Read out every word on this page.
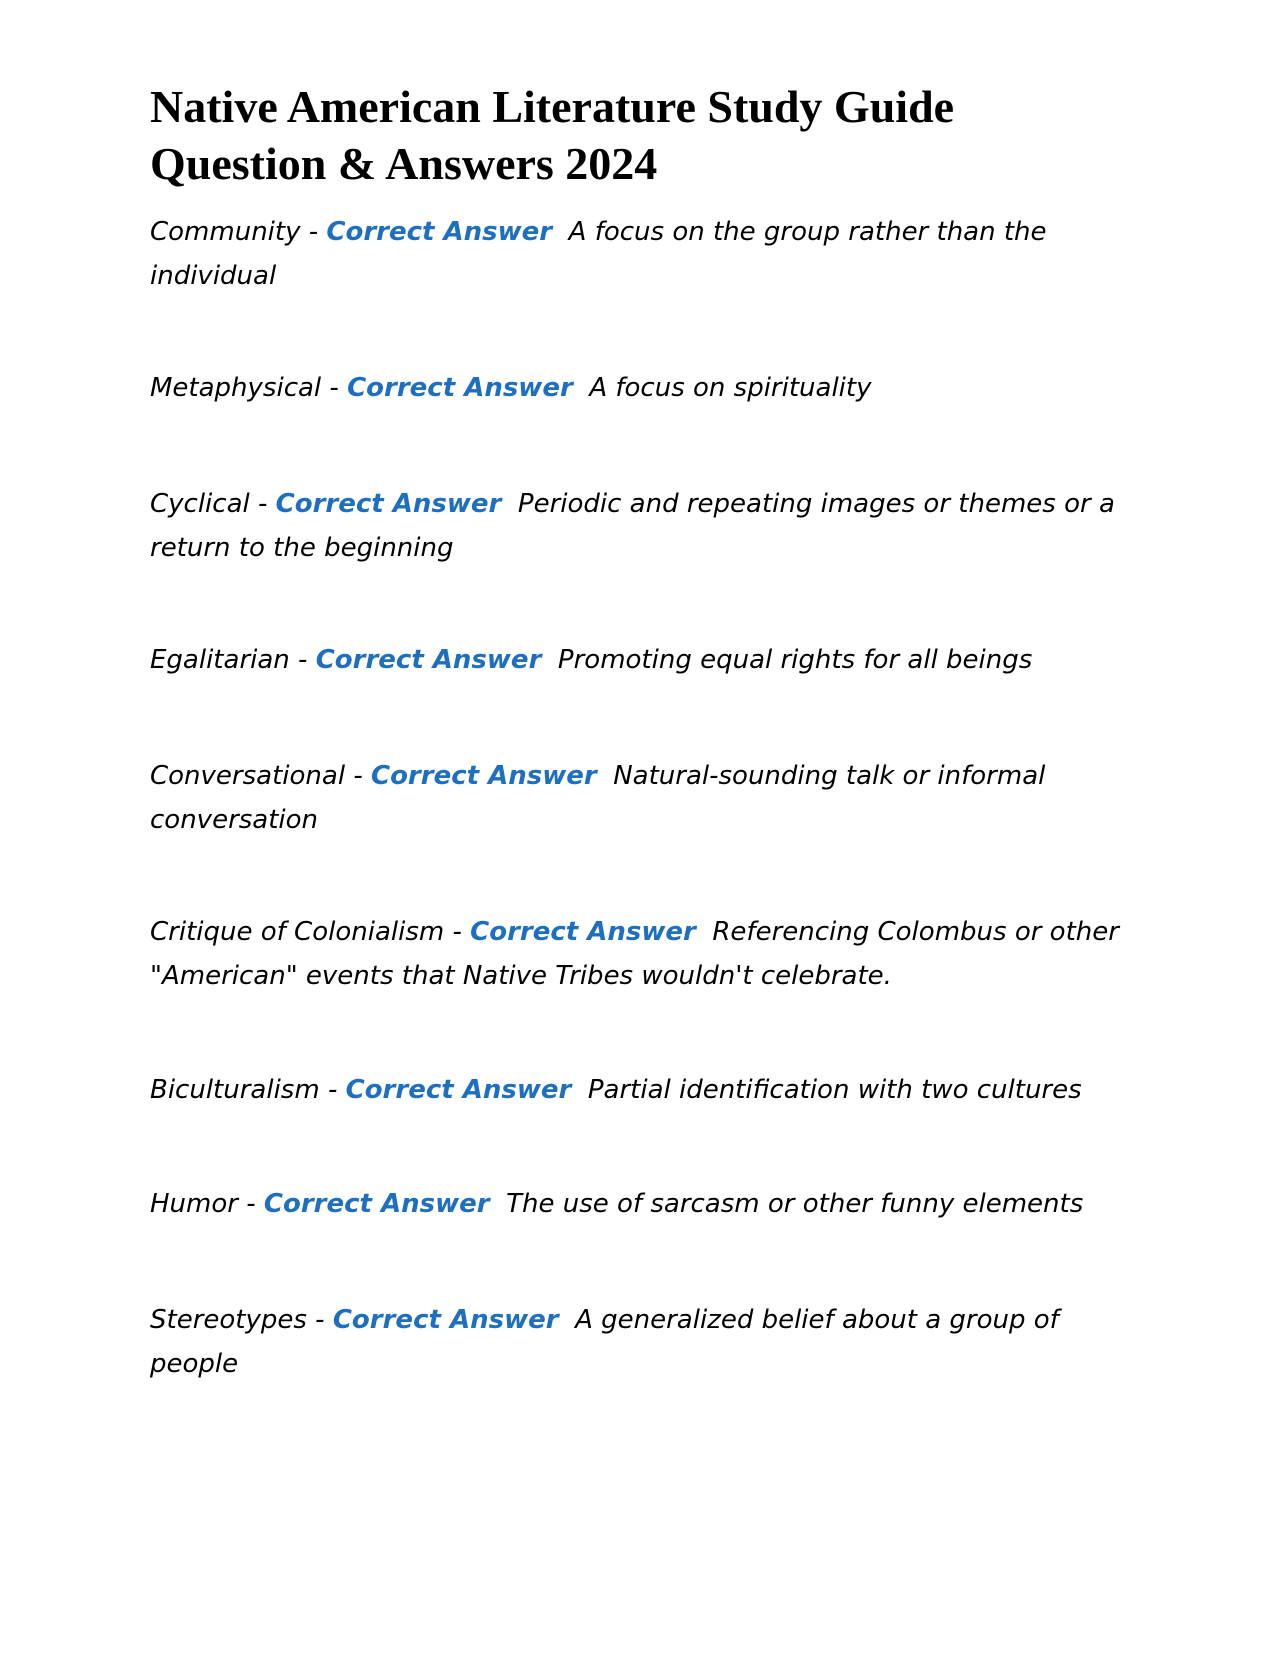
Native American Literature Study Guide
Question & Answers 2024
Community - Correct Answer A focus on the group rather than the individual
Metaphysical - Correct Answer A focus on spirituality
Cyclical - Correct Answer Periodic and repeating images or themes or a return to the beginning
Egalitarian - Correct Answer Promoting equal rights for all beings
Conversational - Correct Answer Natural-sounding talk or informal conversation
Critique of Colonialism - Correct Answer Referencing Colombus or other "American" events that Native Tribes wouldn't celebrate.
Biculturalism - Correct Answer Partial identification with two cultures
Humor - Correct Answer The use of sarcasm or other funny elements
Stereotypes - Correct Answer A generalized belief about a group of people
